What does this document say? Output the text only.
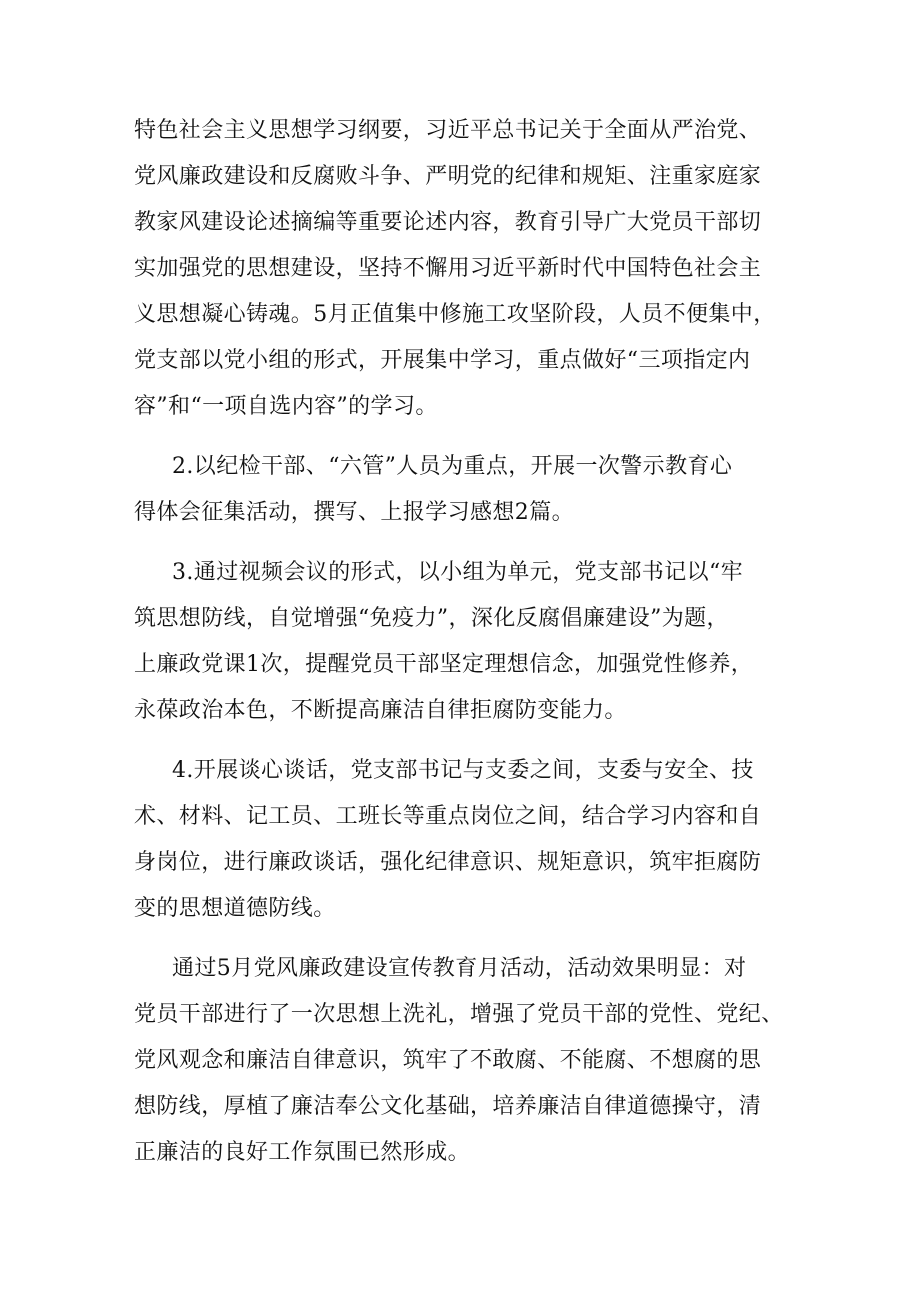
特色社会主义思想学习纲要，习近平总书记关于全面从严治党、

党风廉政建设和反腐败斗争、严明党的纪律和规矩、注重家庭家

教家风建设论述摘编等重要论述内容，教育引导广大党员干部切

实加强党的思想建设，坚持不懈用习近平新时代中国特色社会主

义思想凝心铸魂。5月正值集中修施工攻坚阶段，人员不便集中，

党支部以党小组的形式，开展集中学习，重点做好“三项指定内

容”和“一项自选内容”的学习。

2.以纪检干部、“六管”人员为重点，开展一次警示教育心

得体会征集活动，撰写、上报学习感想2篇。

3.通过视频会议的形式，以小组为单元，党支部书记以“牢

筑思想防线，自觉增强“免疫力”，深化反腐倡廉建设”为题，

上廉政党课1次，提醒党员干部坚定理想信念，加强党性修养，

永葆政治本色，不断提高廉洁自律拒腐防变能力。

4.开展谈心谈话，党支部书记与支委之间，支委与安全、技

术、材料、记工员、工班长等重点岗位之间，结合学习内容和自

身岗位，进行廉政谈话，强化纪律意识、规矩意识，筑牢拒腐防

变的思想道德防线。

通过5月党风廉政建设宣传教育月活动，活动效果明显：对

党员干部进行了一次思想上洗礼，增强了党员干部的党性、党纪、

党风观念和廉洁自律意识，筑牢了不敢腐、不能腐、不想腐的思

想防线，厚植了廉洁奉公文化基础，培养廉洁自律道德操守，清

正廉洁的良好工作氛围已然形成。
